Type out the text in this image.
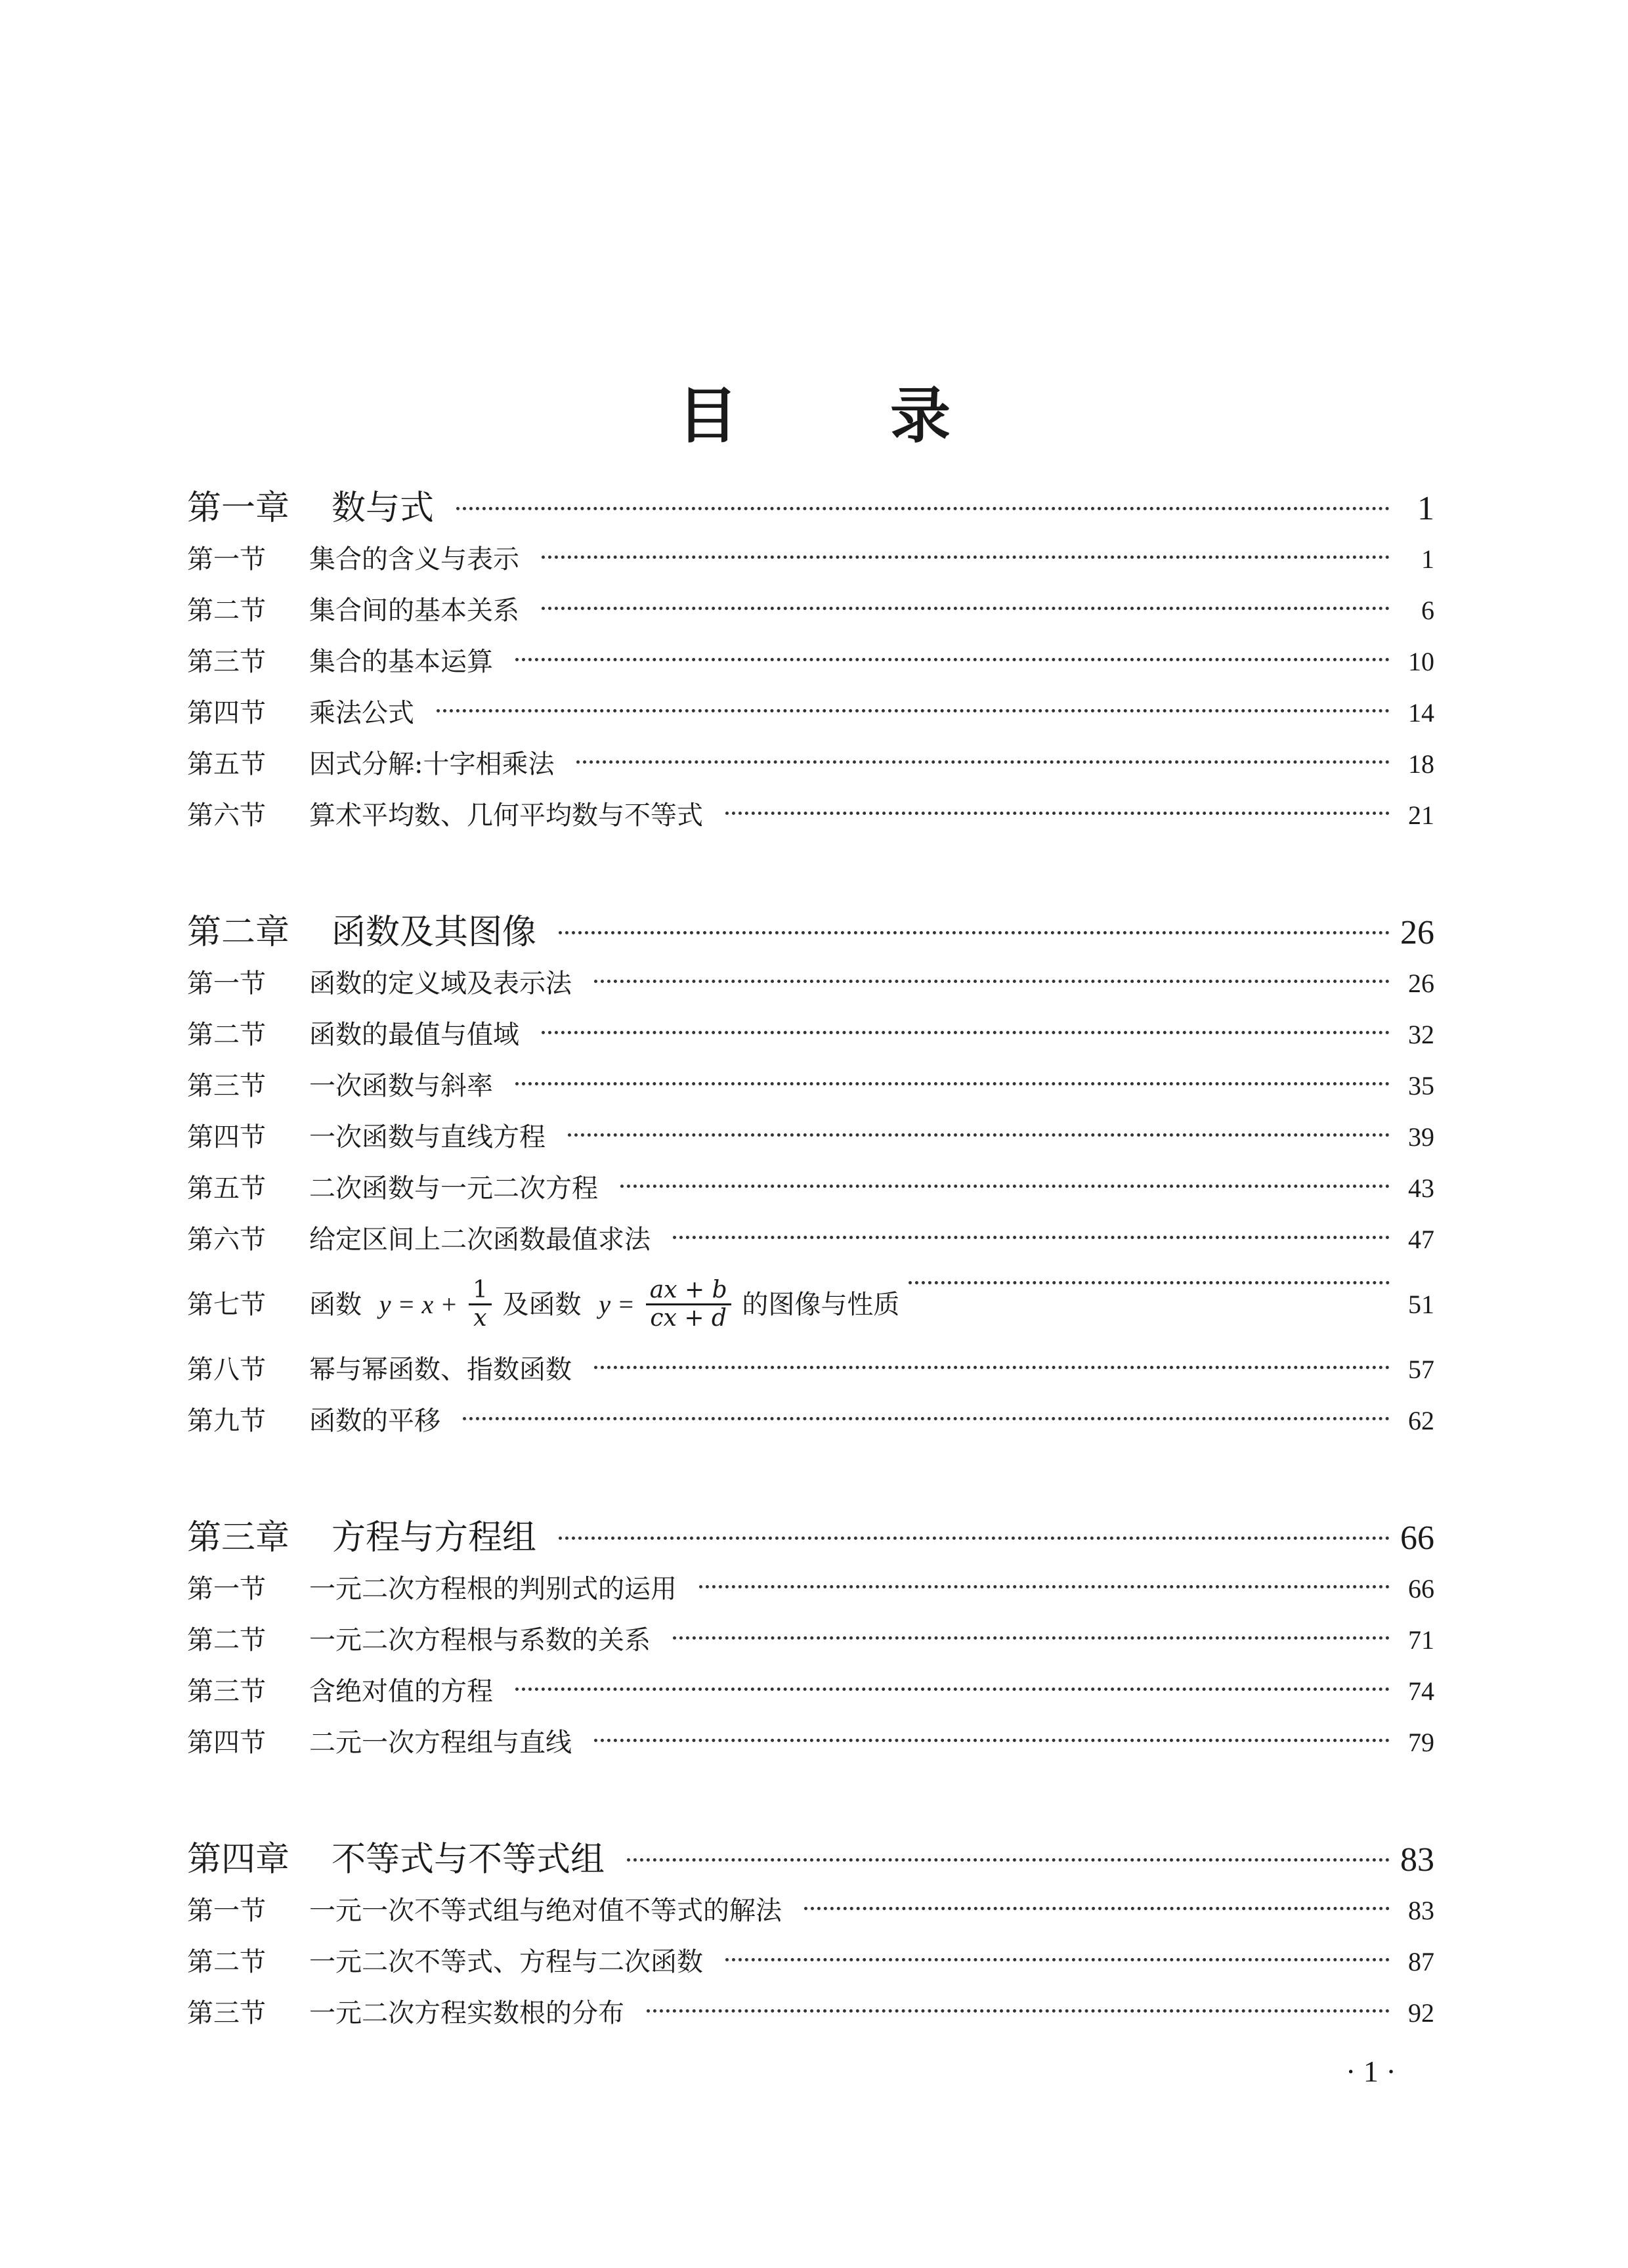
目 录
第一章	数与式	1
第一节	集合的含义与表示	1
第二节	集合间的基本关系	6
第三节	集合的基本运算	10
第四节	乘法公式	14
第五节	因式分解:十字相乘法	18
第六节	算术平均数、几何平均数与不等式	21
第二章	函数及其图像	26
第一节	函数的定义域及表示法	26
第二节	函数的最值与值域	32
第三节	一次函数与斜率	35
第四节	一次函数与直线方程	39
第五节	二次函数与一元二次方程	43
第六节	给定区间上二次函数最值求法	47
第七节	函数 $y = x + \frac{1}{x}$ 及函数 $y = \frac{ax + b}{cx + d}$ 的图像与性质	51
第八节	幂与幂函数、指数函数	57
第九节	函数的平移	62
第三章	方程与方程组	66
第一节	一元二次方程根的判别式的运用	66
第二节	一元二次方程根与系数的关系	71
第三节	含绝对值的方程	74
第四节	二元一次方程组与直线	79
第四章	不等式与不等式组	83
第一节	一元一次不等式组与绝对值不等式的解法	83
第二节	一元二次不等式、方程与二次函数	87
第三节	一元二次方程实数根的分布	92
· 1 ·
